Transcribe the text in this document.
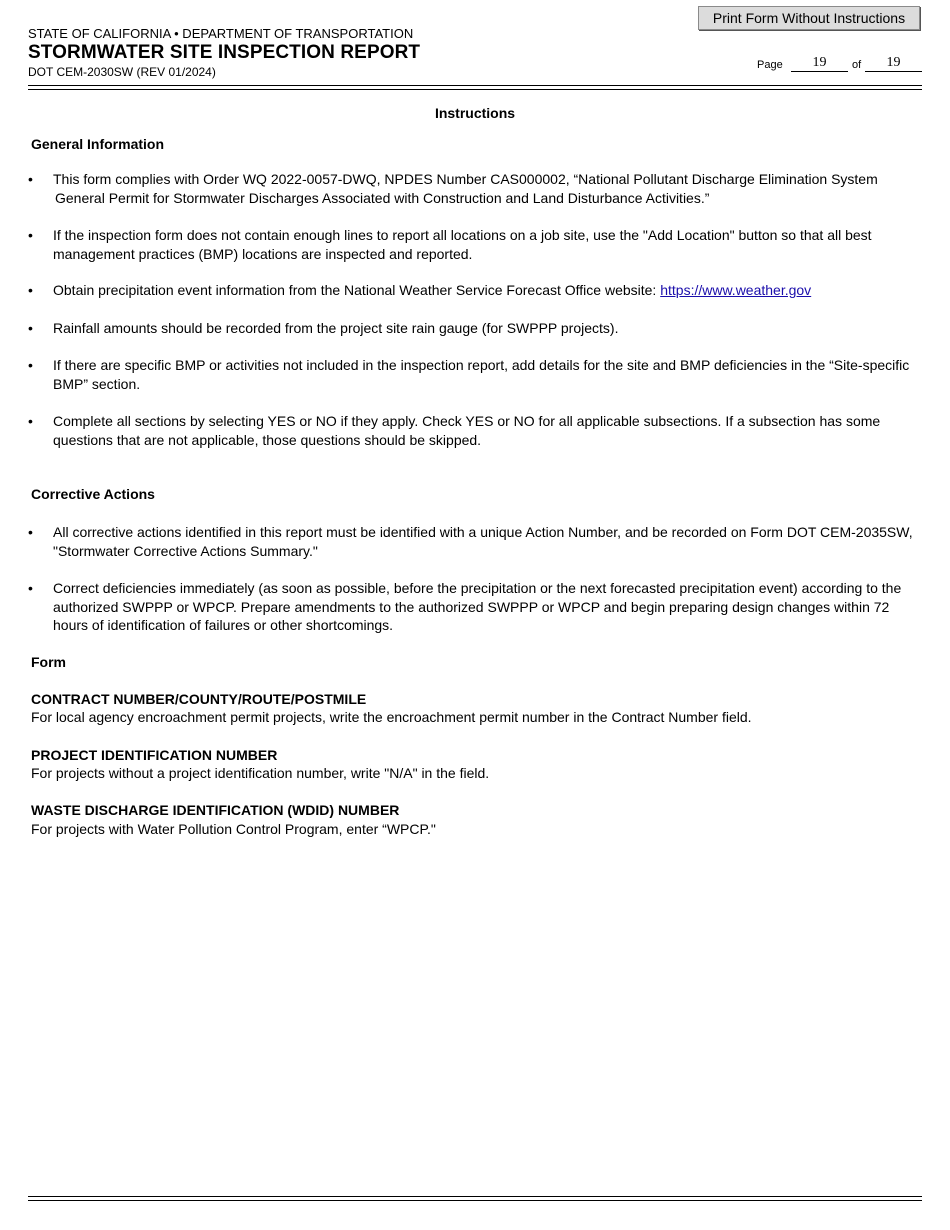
STATE OF CALIFORNIA • DEPARTMENT OF TRANSPORTATION
STORMWATER SITE INSPECTION REPORT
DOT CEM-2030SW (REV 01/2024)
Print Form Without Instructions
Page	19	of	19
Instructions
General Information
• This form complies with Order WQ 2022-0057-DWQ, NPDES Number CAS000002, “National Pollutant Discharge Elimination System
General Permit for Stormwater Discharges Associated with Construction and Land Disturbance Activities.”
• If the inspection form does not contain enough lines to report all locations on a job site, use the "Add Location" button so that all best
management practices (BMP) locations are inspected and reported.
• Obtain precipitation event information from the National Weather Service Forecast Office website: https://www.weather.gov
• Rainfall amounts should be recorded from the project site rain gauge (for SWPPP projects).
• If there are specific BMP or activities not included in the inspection report, add details for the site and BMP deficiencies in the “Site-specific
BMP” section.
• Complete all sections by selecting YES or NO if they apply. Check YES or NO for all applicable subsections. If a subsection has some
questions that are not applicable, those questions should be skipped.
Corrective Actions
• All corrective actions identified in this report must be identified with a unique Action Number, and be recorded on Form DOT CEM-2035SW,
"Stormwater Corrective Actions Summary."
• Correct deficiencies immediately (as soon as possible, before the precipitation or the next forecasted precipitation event) according to the
authorized SWPPP or WPCP. Prepare amendments to the authorized SWPPP or WPCP and begin preparing design changes within 72
hours of identification of failures or other shortcomings.
Form
CONTRACT NUMBER/COUNTY/ROUTE/POSTMILE
For local agency encroachment permit projects, write the encroachment permit number in the Contract Number field.
PROJECT IDENTIFICATION NUMBER
For projects without a project identification number, write "N/A" in the field.
WASTE DISCHARGE IDENTIFICATION (WDID) NUMBER
For projects with Water Pollution Control Program, enter “WPCP."
